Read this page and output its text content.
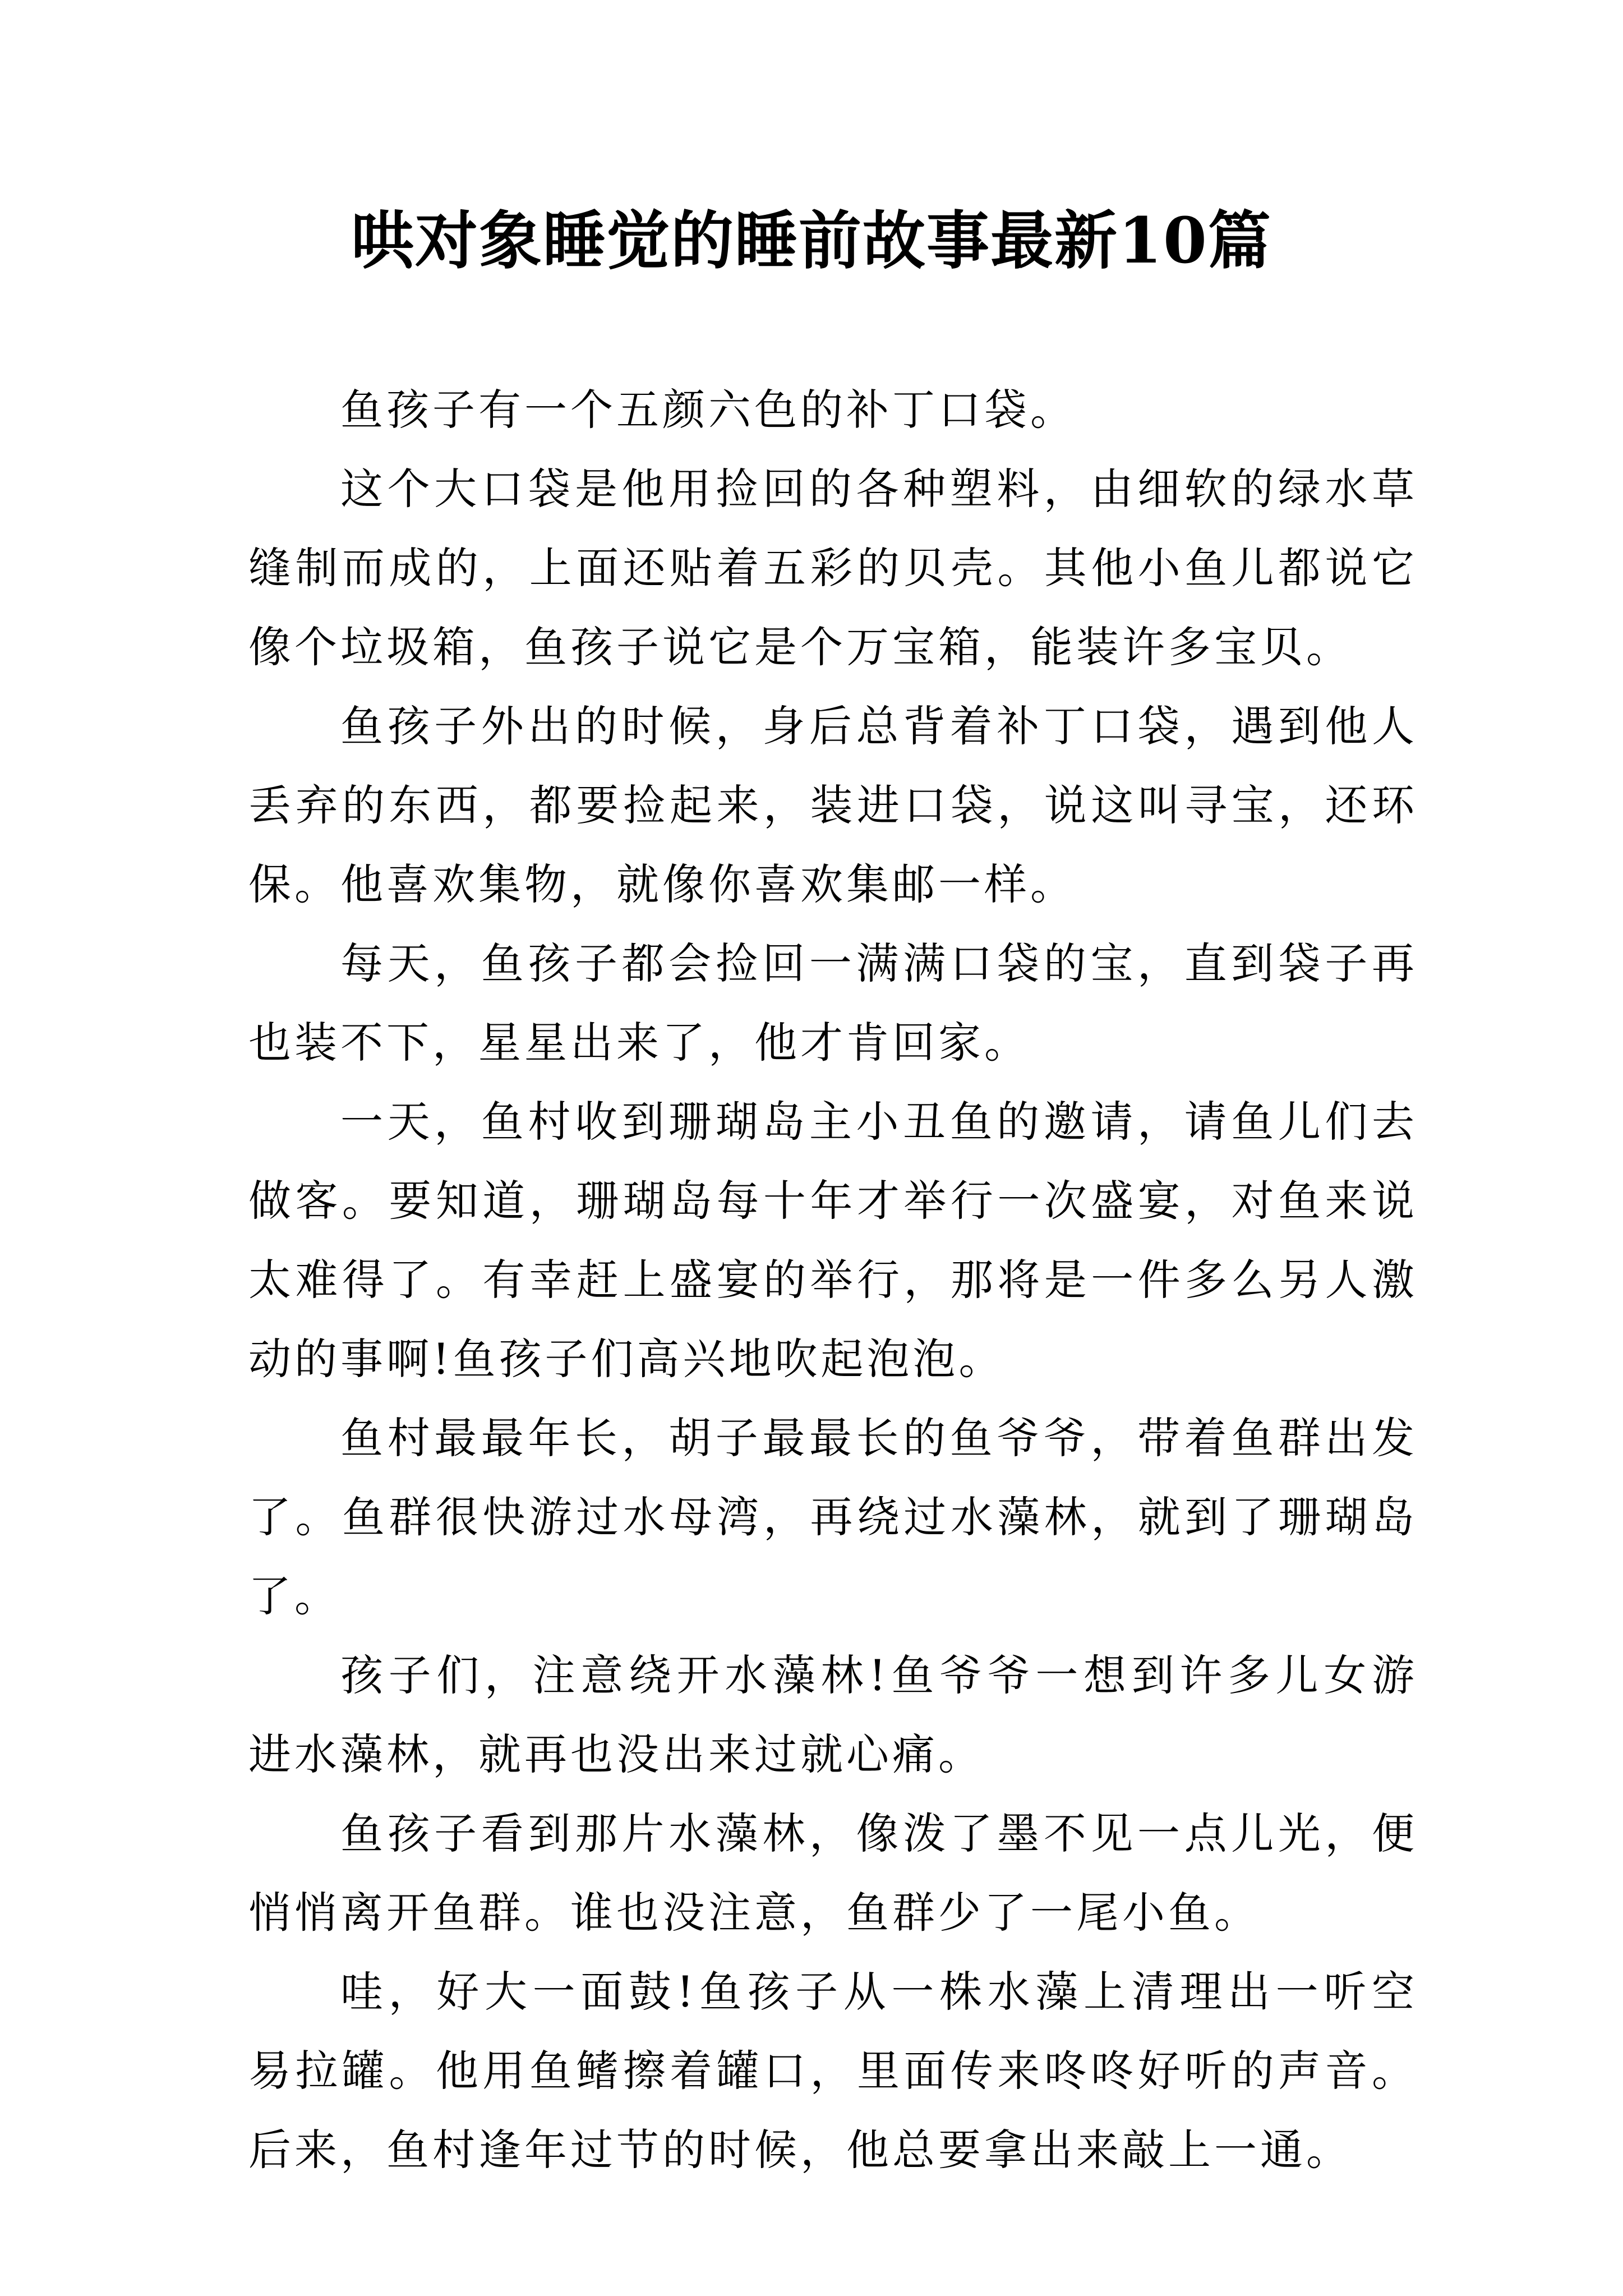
哄对象睡觉的睡前故事最新10篇

鱼孩子有一个五颜六色的补丁口袋。

这个大口袋是他用捡回的各种塑料，由细软的绿水草缝制而成的，上面还贴着五彩的贝壳。其他小鱼儿都说它像个垃圾箱，鱼孩子说它是个万宝箱，能装许多宝贝。

鱼孩子外出的时候，身后总背着补丁口袋，遇到他人丢弃的东西，都要捡起来，装进口袋，说这叫寻宝，还环保。他喜欢集物，就像你喜欢集邮一样。

每天，鱼孩子都会捡回一满满口袋的宝，直到袋子再也装不下，星星出来了，他才肯回家。

一天，鱼村收到珊瑚岛主小丑鱼的邀请，请鱼儿们去做客。要知道，珊瑚岛每十年才举行一次盛宴，对鱼来说太难得了。有幸赶上盛宴的举行，那将是一件多么另人激动的事啊!鱼孩子们高兴地吹起泡泡。

鱼村最最年长，胡子最最长的鱼爷爷，带着鱼群出发了。鱼群很快游过水母湾，再绕过水藻林，就到了珊瑚岛了。

孩子们，注意绕开水藻林!鱼爷爷一想到许多儿女游进水藻林，就再也没出来过就心痛。

鱼孩子看到那片水藻林，像泼了墨不见一点儿光，便悄悄离开鱼群。谁也没注意，鱼群少了一尾小鱼。

哇，好大一面鼓!鱼孩子从一株水藻上清理出一听空易拉罐。他用鱼鳍擦着罐口，里面传来咚咚好听的声音。后来，鱼村逢年过节的时候，他总要拿出来敲上一通。
